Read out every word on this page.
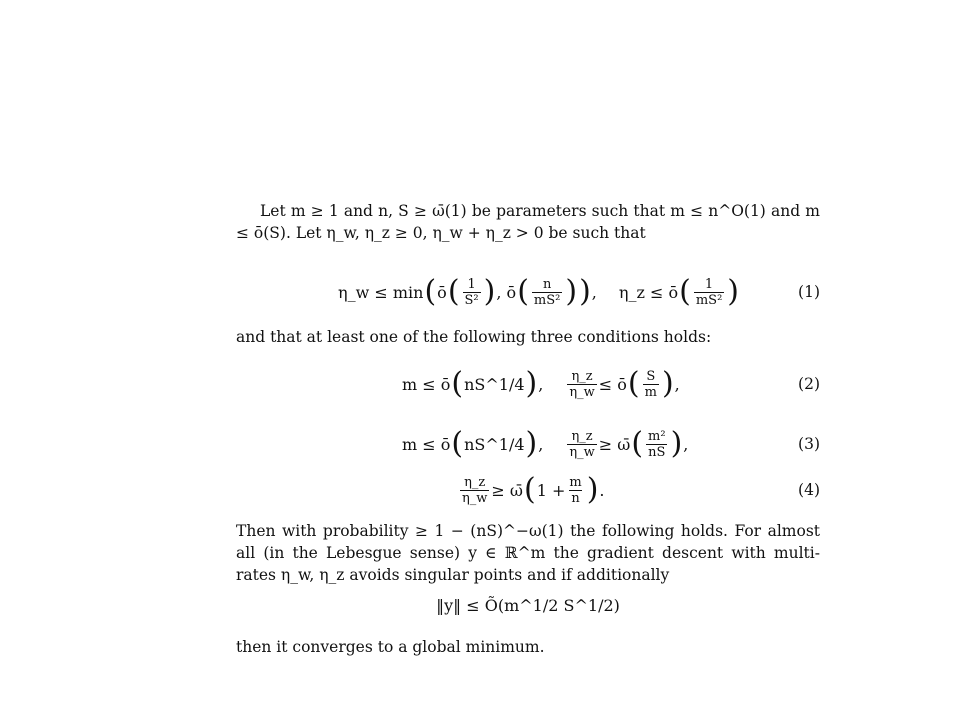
Let m ≥ 1 and n, S ≥ ω̄(1) be parameters such that m ≤ n^O(1) and m ≤ ō(S). Let η_w, η_z ≥ 0, η_w + η_z > 0 be such that

η_w ≤ min ( ō ( $\frac{1}{\text{S²}}$ ) , ō ( $\frac{n}{\text{mS²}}$ ) ) , η_z ≤ ō ( $\frac{1}{\text{mS²}}$ )	(1)

and that at least one of the following three conditions holds:

m ≤ ō ( nS^1/4 ) , $\frac{\eta\_z}{\eta\_w}$ ≤ ō ( $\frac{S}{m}$ ) ,	(2)
m ≤ ō ( nS^1/4 ) , $\frac{\eta\_z}{\eta\_w}$ ≥ ω̄ ( $\frac{\text{m²}}{nS}$ ) ,	(3)
$\frac{\eta\_z}{\eta\_w}$ ≥ ω̄ ( $1 + \frac{m}{n}$ ) .	(4)

Then with probability ≥ 1 − (nS)^−ω(1) the following holds. For almost all (in the Lebesgue sense) y ∈ ℝ^m the gradient descent with multi-rates η_w, η_z avoids singular points and if additionally

‖y‖ ≤ Õ(m^1/2 S^1/2)

then it converges to a global minimum.
